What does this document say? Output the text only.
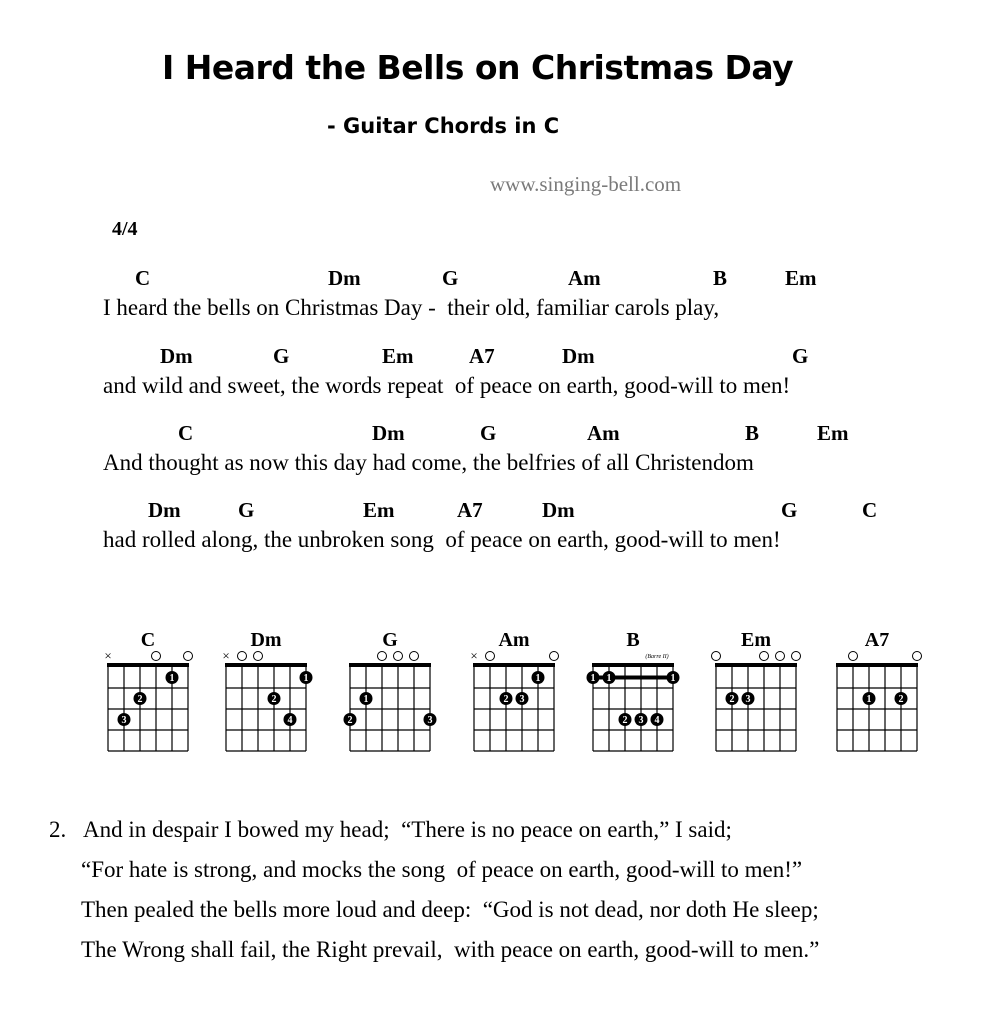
I Heard the Bells on Christmas Day
- Guitar Chords in C
www.singing-bell.com
4/4
C	Dm	G	Am	B	Em
I heard the bells on Christmas Day -  their old, familiar carols play,
Dm	G	Em	A7	Dm	G
and wild and sweet, the words repeat  of peace on earth, good-will to men!
C	Dm	G	Am	B	Em
And thought as now this day had come, the belfries of all Christendom
Dm	G	Em	A7	Dm	G	C
had rolled along, the unbroken song  of peace on earth, good-will to men!
C
×
1
2
3
Dm
×
1
2
4
G
1
2	3
Am
×
1
2 3
B
(Barre II)
1 1	1
2 3 4
Em
2 3
A7
1	2
2. And in despair I bowed my head;  “There is no peace on earth,” I said;
“For hate is strong, and mocks the song  of peace on earth, good-will to men!”
Then pealed the bells more loud and deep:  “God is not dead, nor doth He sleep;
The Wrong shall fail, the Right prevail,  with peace on earth, good-will to men.”
